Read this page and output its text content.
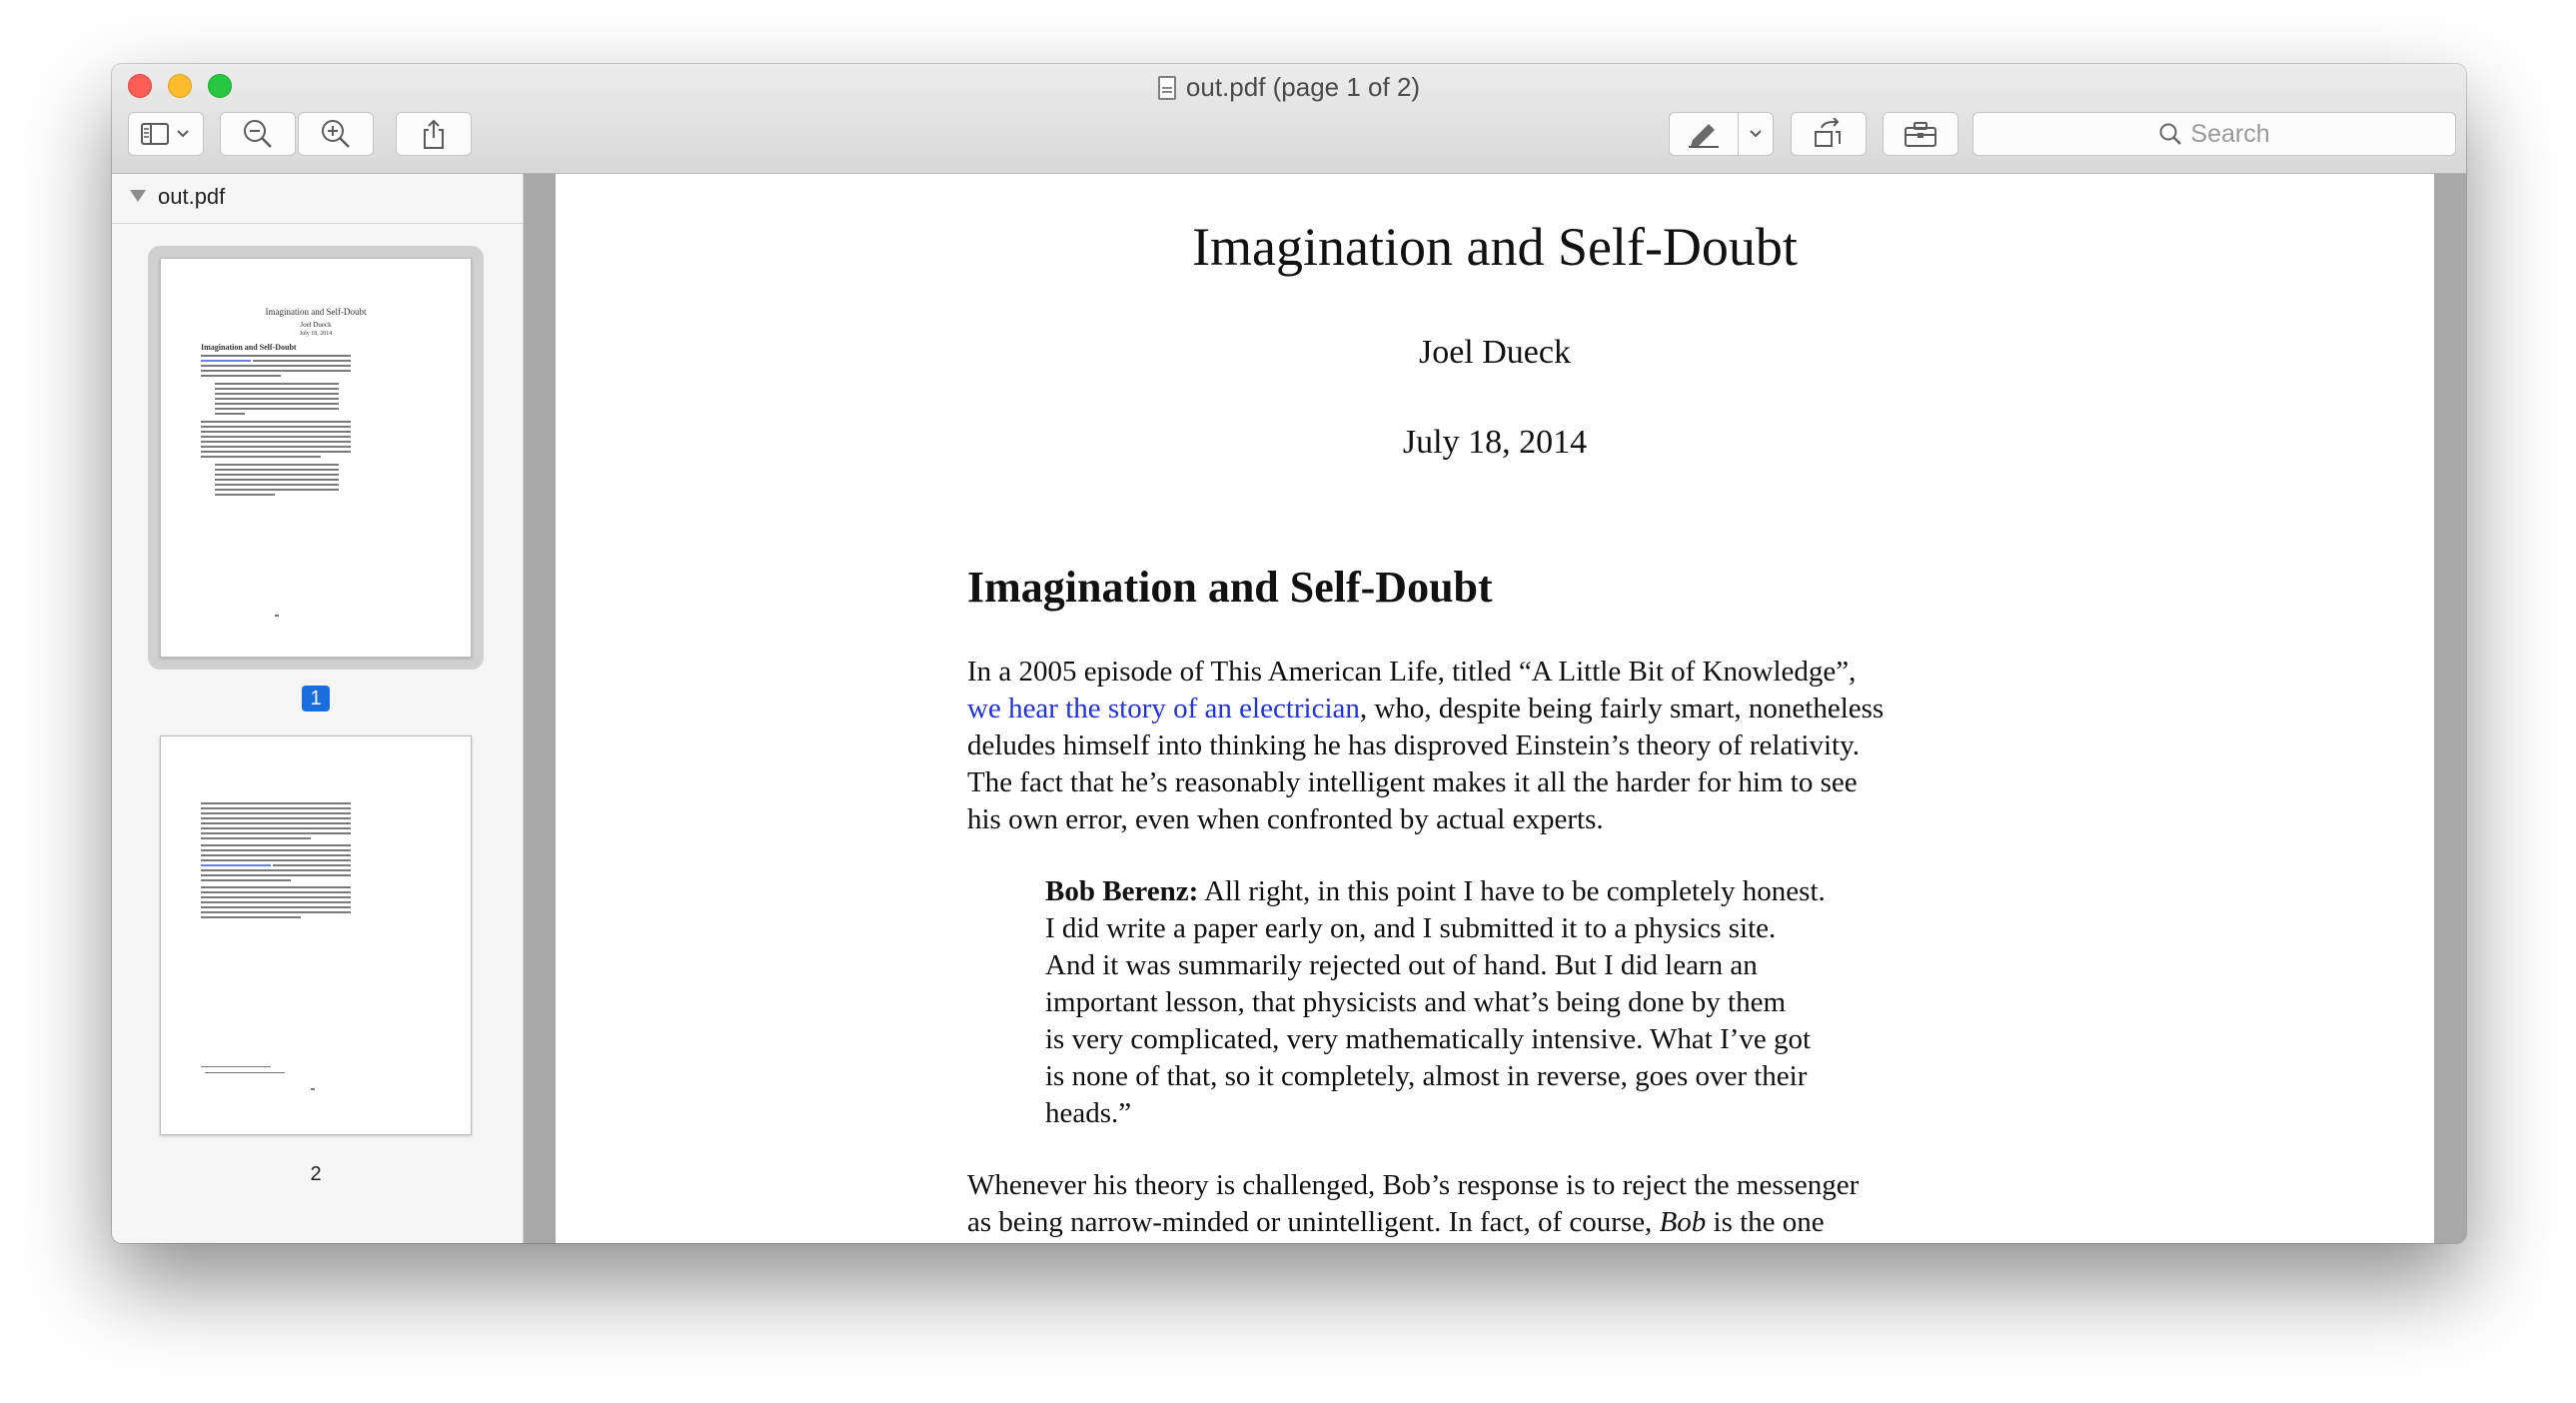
out.pdf (page 1 of 2)
Search
out.pdf
Imagination and Self-Doubt
Joel Dueck
July 18, 2014
Imagination and Self-Doubt
1
2
Imagination and Self-Doubt
Joel Dueck
July 18, 2014
Imagination and Self-Doubt
In a 2005 episode of This American Life, titled “A Little Bit of Knowledge”,
we hear the story of an electrician, who, despite being fairly smart, nonetheless
deludes himself into thinking he has disproved Einstein’s theory of relativity.
The fact that he’s reasonably intelligent makes it all the harder for him to see
his own error, even when confronted by actual experts.
Bob Berenz: All right, in this point I have to be completely honest.
I did write a paper early on, and I submitted it to a physics site.
And it was summarily rejected out of hand. But I did learn an
important lesson, that physicists and what’s being done by them
is very complicated, very mathematically intensive. What I’ve got
is none of that, so it completely, almost in reverse, goes over their
heads.”
Whenever his theory is challenged, Bob’s response is to reject the messenger
as being narrow-minded or unintelligent. In fact, of course, Bob is the one
